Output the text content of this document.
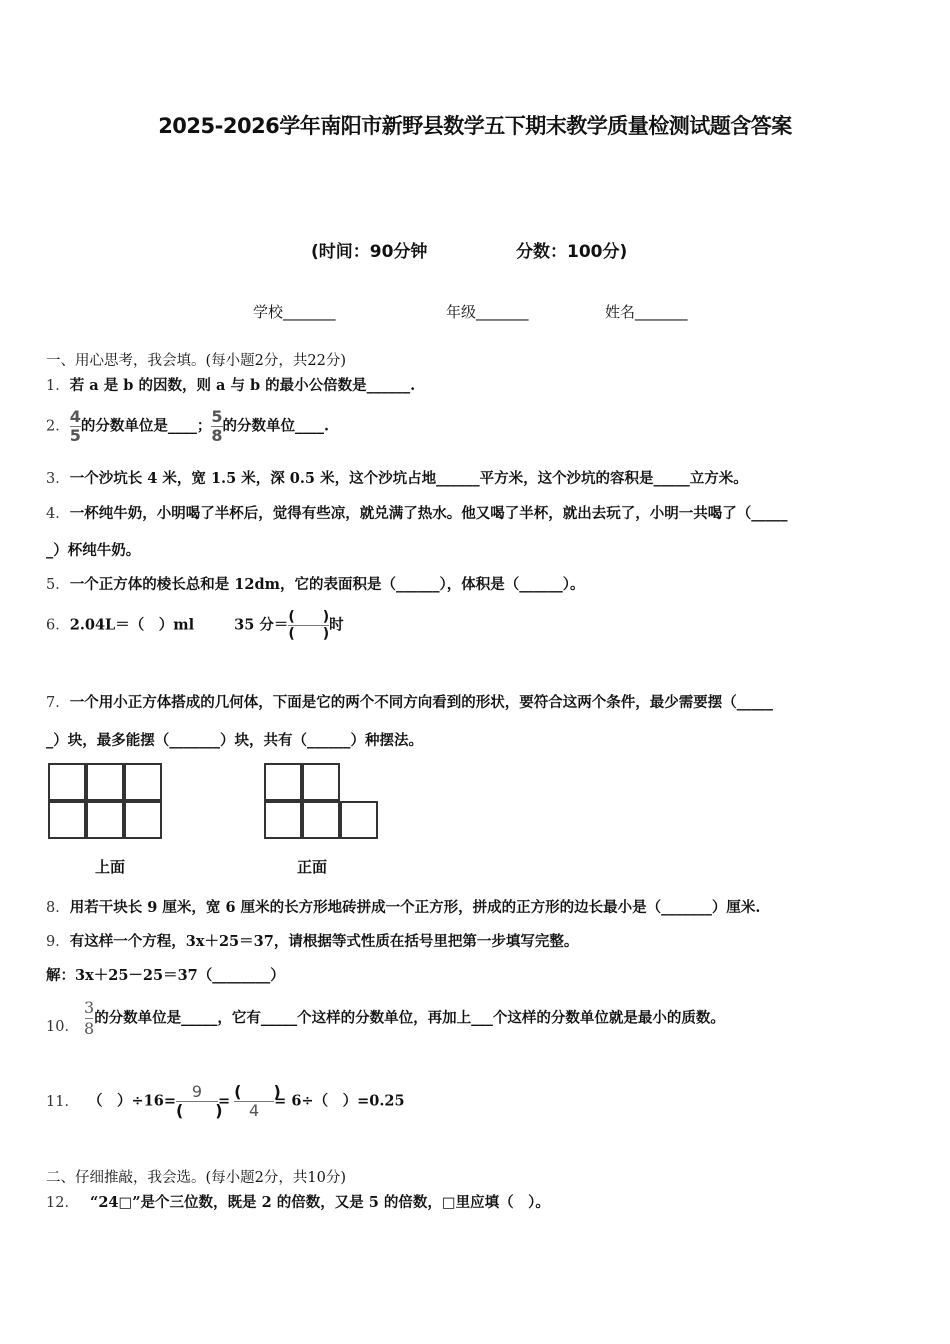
2025-2026学年南阳市新野县数学五下期末教学质量检测试题含答案
(时间：90分钟	分数：100分)
学校_______	年级_______	姓名_______
一、用心思考，我会填。(每小题2分，共22分)
1．若 a 是 b 的因数，则 a 与 b 的最小公倍数是______.
2． $\frac{4}{5}$ 的分数单位是____； $\frac{5}{8}$ 的分数单位____.
3．一个沙坑长 4 米，宽 1.5 米，深 0.5 米，这个沙坑占地______平方米，这个沙坑的容积是_____立方米。
4．一杯纯牛奶，小明喝了半杯后，觉得有些凉，就兑满了热水。他又喝了半杯，就出去玩了，小明一共喝了（_____
_）杯纯牛奶。
5．一个正方体的棱长总和是 12dm，它的表面积是（______），体积是（______）。
6．2.04L＝（　）ml	35 分＝ $\frac{( )}{( )}$ 时
7．一个用小正方体搭成的几何体，下面是它的两个不同方向看到的形状，要符合这两个条件，最少需要摆（_____
_）块，最多能摆（_______）块，共有（______）种摆法。
上面	正面
8．用若干块长 9 厘米，宽 6 厘米的长方形地砖拼成一个正方形，拼成的正方形的边长最小是（_______）厘米.
9．有这样一个方程，3x＋25＝37，请根据等式性质在括号里把第一步填写完整。
解：3x＋25－25＝37（________）
10． $\frac{3}{8}$ 的分数单位是_____，它有_____个这样的分数单位，再加上___个这样的分数单位就是最小的质数。
11． （　）$\div 16= \frac{9}{( )} = \frac{( )}{4} = 6\div$（　）=0.25
二、仔细推敲，我会选。(每小题2分，共10分)
12． “24□”是个三位数，既是 2 的倍数，又是 5 的倍数，□里应填（　）。
